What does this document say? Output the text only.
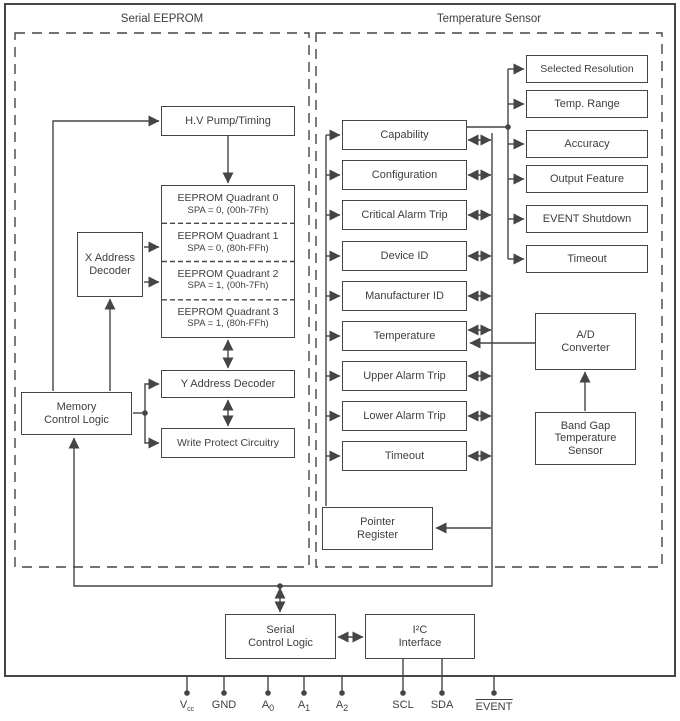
Serial EEPROM	Temperature Sensor
H.V Pump/Timing
EEPROM Quadrant 0
SPA = 0, (00h-7Fh)
EEPROM Quadrant 1
SPA = 0, (80h-FFh)
EEPROM Quadrant 2
SPA = 1, (00h-7Fh)
EEPROM Quadrant 3
SPA = 1, (80h-FFh)
X Address
Decoder
Y Address Decoder
Write Protect Circuitry
Memory
Control Logic
Capability
Configuration
Critical Alarm Trip
Device ID
Manufacturer ID
Temperature
Upper Alarm Trip
Lower Alarm Trip
Timeout
Selected Resolution
Temp. Range
Accuracy
Output Feature
EVENT Shutdown
Timeout
Pointer
Register
A/D
Converter
Band Gap
Temperature
Sensor
Serial
Control Logic
I²C
Interface
$V_{cc}$ GND $A_0$ $A_1$ $A_2$	SCL SDA EVENT
